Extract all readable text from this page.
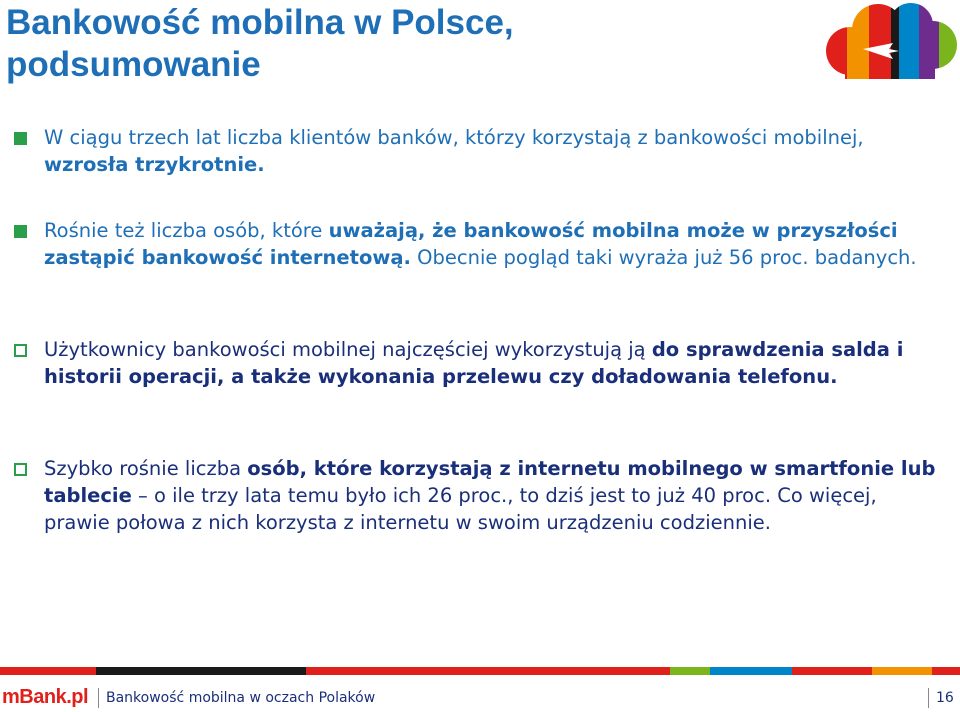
Bankowość mobilna w Polsce,
podsumowanie
W ciągu trzech lat liczba klientów banków, którzy korzystają z bankowości mobilnej, wzrosła trzykrotnie.
Rośnie też liczba osób, które uważają, że bankowość mobilna może w przyszłości zastąpić bankowość internetową. Obecnie pogląd taki wyraża już 56 proc. badanych.
Użytkownicy bankowości mobilnej najczęściej wykorzystują ją do sprawdzenia salda i historii operacji, a także wykonania przelewu czy doładowania telefonu.
Szybko rośnie liczba osób, które korzystają z internetu mobilnego w smartfonie lub tablecie – o ile trzy lata temu było ich 26 proc., to dziś jest to już 40 proc. Co więcej, prawie połowa z nich korzysta z internetu w swoim urządzeniu codziennie.
mBank.pl Bankowość mobilna w oczach Polaków	16
